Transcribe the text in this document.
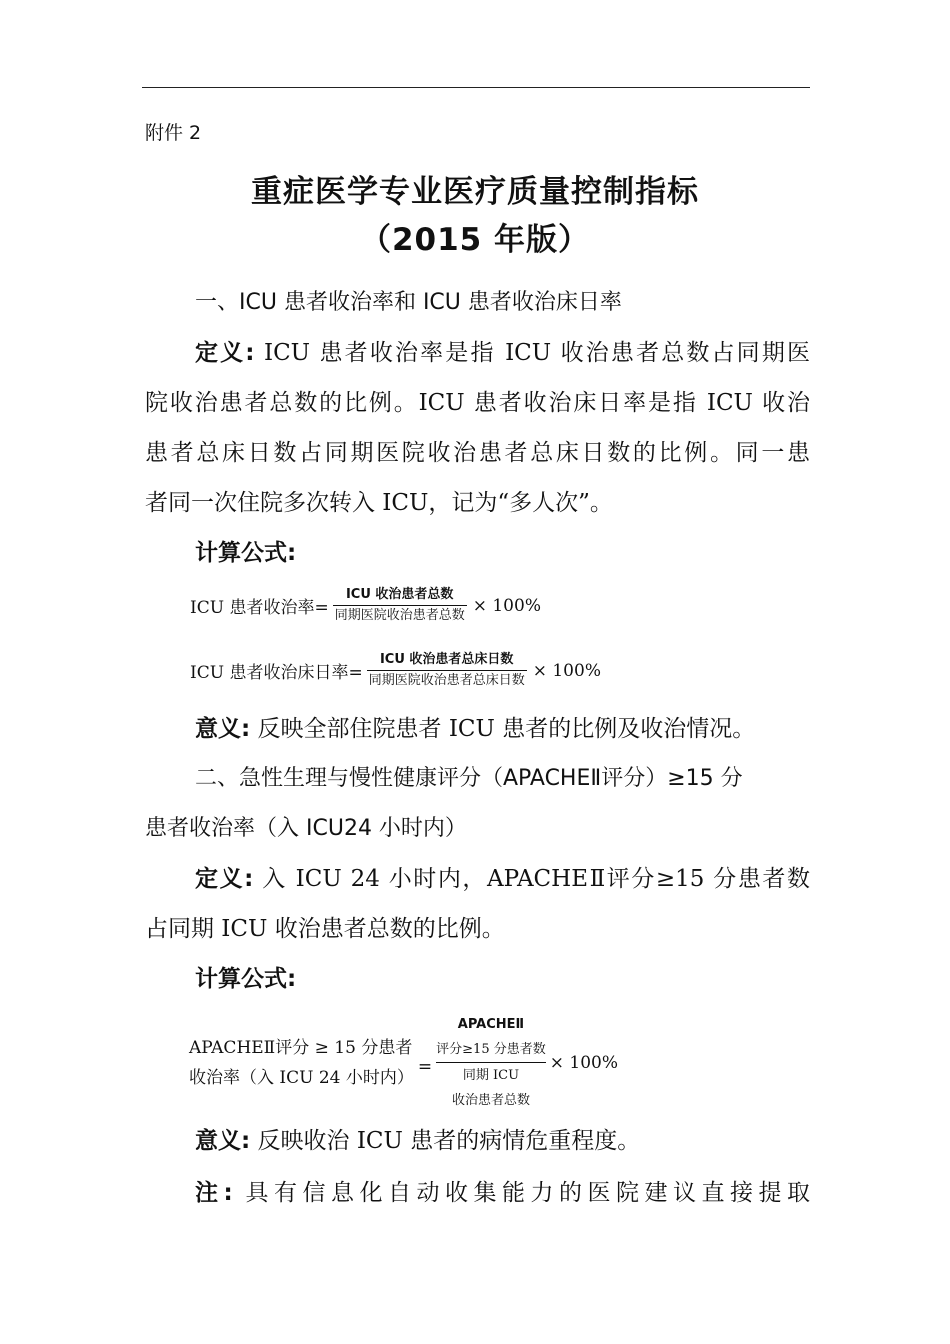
附件 2
重症医学专业医疗质量控制指标
（2015 年版）
一、ICU 患者收治率和 ICU 患者收治床日率
定义: ICU 患者收治率是指 ICU 收治患者总数占同期医
院收治患者总数的比例。ICU 患者收治床日率是指 ICU 收治
患者总床日数占同期医院收治患者总床日数的比例。同一患
者同一次住院多次转入 ICU，记为“多人次”。
计算公式:
ICU 患者收治率= $\frac{\text{ICU 收治患者总数}}{\text{同期医院收治患者总数}} \times 100\%$
ICU 患者收治床日率= $\frac{\text{ICU 收治患者总床日数}}{\text{同期医院收治患者总床日数}} \times 100\%$
意义: 反映全部住院患者 ICU 患者的比例及收治情况。
二、急性生理与慢性健康评分（APACHEⅡ评分）≥15 分
患者收治率（入 ICU24 小时内）
定义: 入 ICU 24 小时内，APACHEⅡ评分≥15 分患者数
占同期 ICU 收治患者总数的比例。
计算公式:
APACHEⅡ评分 ≥ 15 分患者
收治率（入 ICU 24 小时内）
=
APACHEⅡ
评分≥15 分患者数
同期 ICU
收治患者总数
× 100%
意义: 反映收治 ICU 患者的病情危重程度。
注: 具有信息化自动收集能力的医院建议直接提取
